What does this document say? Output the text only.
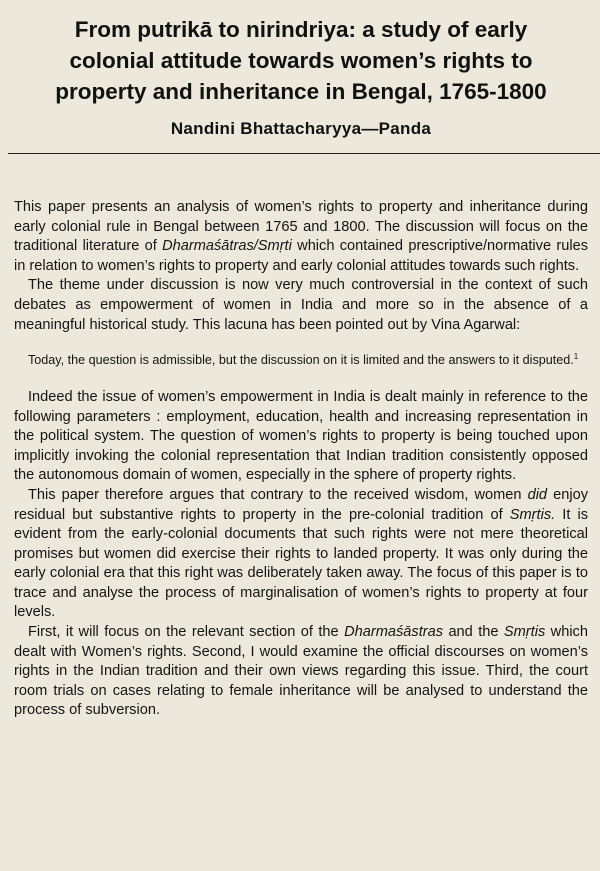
From putrikā to nirindriya: a study of early
colonial attitude towards women’s rights to
property and inheritance in Bengal, 1765-1800
Nandini Bhattacharyya—Panda

This paper presents an analysis of women’s rights to property and inheritance during early colonial rule in Bengal between 1765 and 1800. The discussion will focus on the traditional literature of Dharmaśātras/Smṛti which contained prescriptive/normative rules in relation to women’s rights to property and early colonial attitudes towards such rights.

The theme under discussion is now very much controversial in the context of such debates as empowerment of women in India and more so in the absence of a meaningful historical study. This lacuna has been pointed out by Vina Agarwal:

Today, the question is admissible, but the discussion on it is limited and the answers to it disputed.$^1$

Indeed the issue of women’s empowerment in India is dealt mainly in reference to the following parameters : employment, education, health and increasing representation in the political system. The question of women’s rights to property is being touched upon implicitly invoking the colonial representation that Indian tradition consistently opposed the autonomous domain of women, especially in the sphere of property rights.

This paper therefore argues that contrary to the received wisdom, women did enjoy residual but substantive rights to property in the pre-colonial tradition of Smṛtis. It is evident from the early-colonial documents that such rights were not mere theoretical promises but women did exercise their rights to landed property. It was only during the early colonial era that this right was deliberately taken away. The focus of this paper is to trace and analyse the process of marginalisation of women’s rights to property at four levels.

First, it will focus on the relevant section of the Dharmaśāstras and the Smṛtis which dealt with Women’s rights. Second, I would examine the official discourses on women’s rights in the Indian tradition and their own views regarding this issue. Third, the court room trials on cases relating to female inheritance will be analysed to understand the process of subversion.
